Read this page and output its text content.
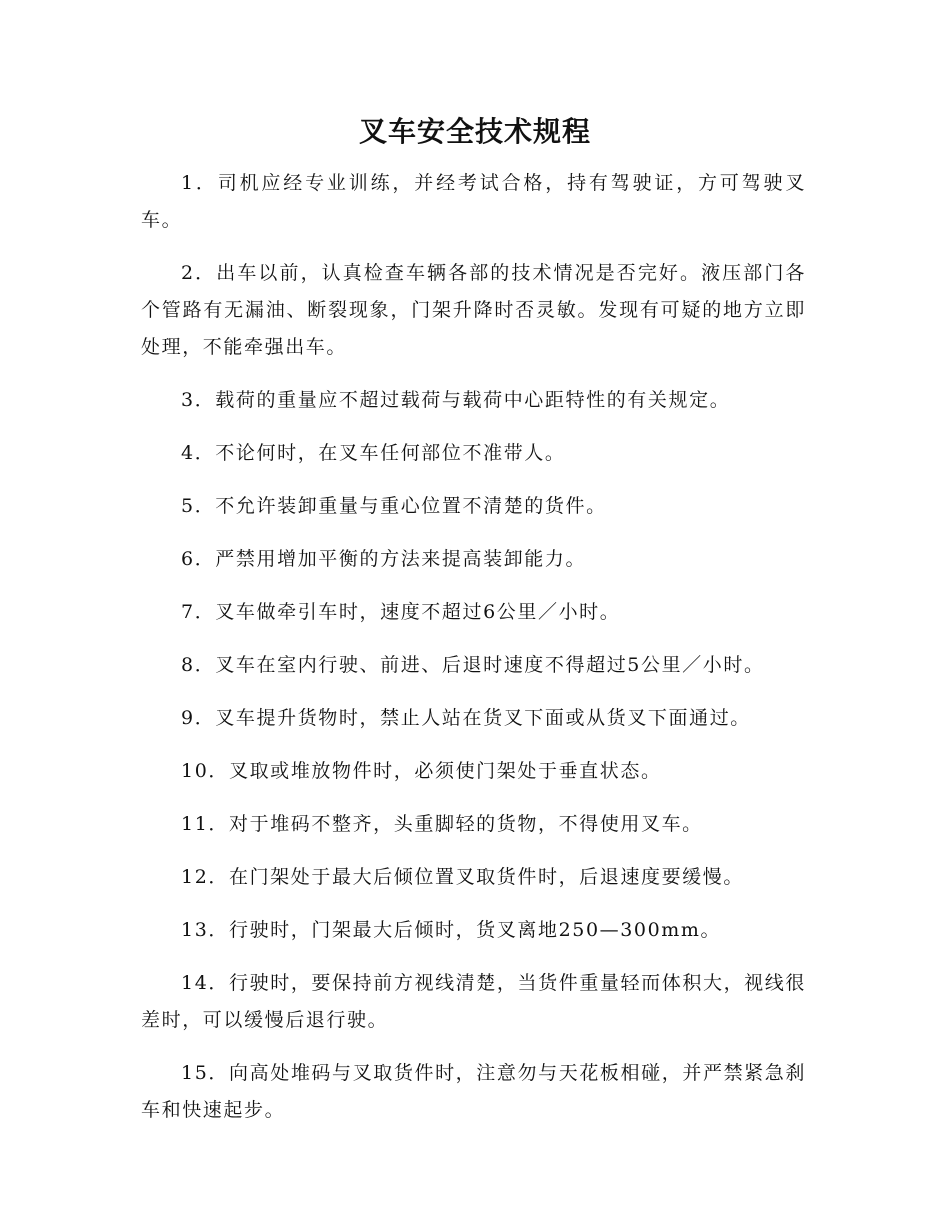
叉车安全技术规程

1．司机应经专业训练，并经考试合格，持有驾驶证，方可驾驶叉车。

2．出车以前，认真检查车辆各部的技术情况是否完好。液压部门各个管路有无漏油、断裂现象，门架升降时否灵敏。发现有可疑的地方立即处理，不能牵强出车。

3．载荷的重量应不超过载荷与载荷中心距特性的有关规定。

4．不论何时，在叉车任何部位不准带人。

5．不允许装卸重量与重心位置不清楚的货件。

6．严禁用增加平衡的方法来提高装卸能力。

7．叉车做牵引车时，速度不超过6公里／小时。

8．叉车在室内行驶、前进、后退时速度不得超过5公里／小时。

9．叉车提升货物时，禁止人站在货叉下面或从货叉下面通过。

10．叉取或堆放物件时，必须使门架处于垂直状态。

11．对于堆码不整齐，头重脚轻的货物，不得使用叉车。

12．在门架处于最大后倾位置叉取货件时，后退速度要缓慢。

13．行驶时，门架最大后倾时，货叉离地250—300mm。

14．行驶时，要保持前方视线清楚，当货件重量轻而体积大，视线很差时，可以缓慢后退行驶。

15．向高处堆码与叉取货件时，注意勿与天花板相碰，并严禁紧急刹车和快速起步。
